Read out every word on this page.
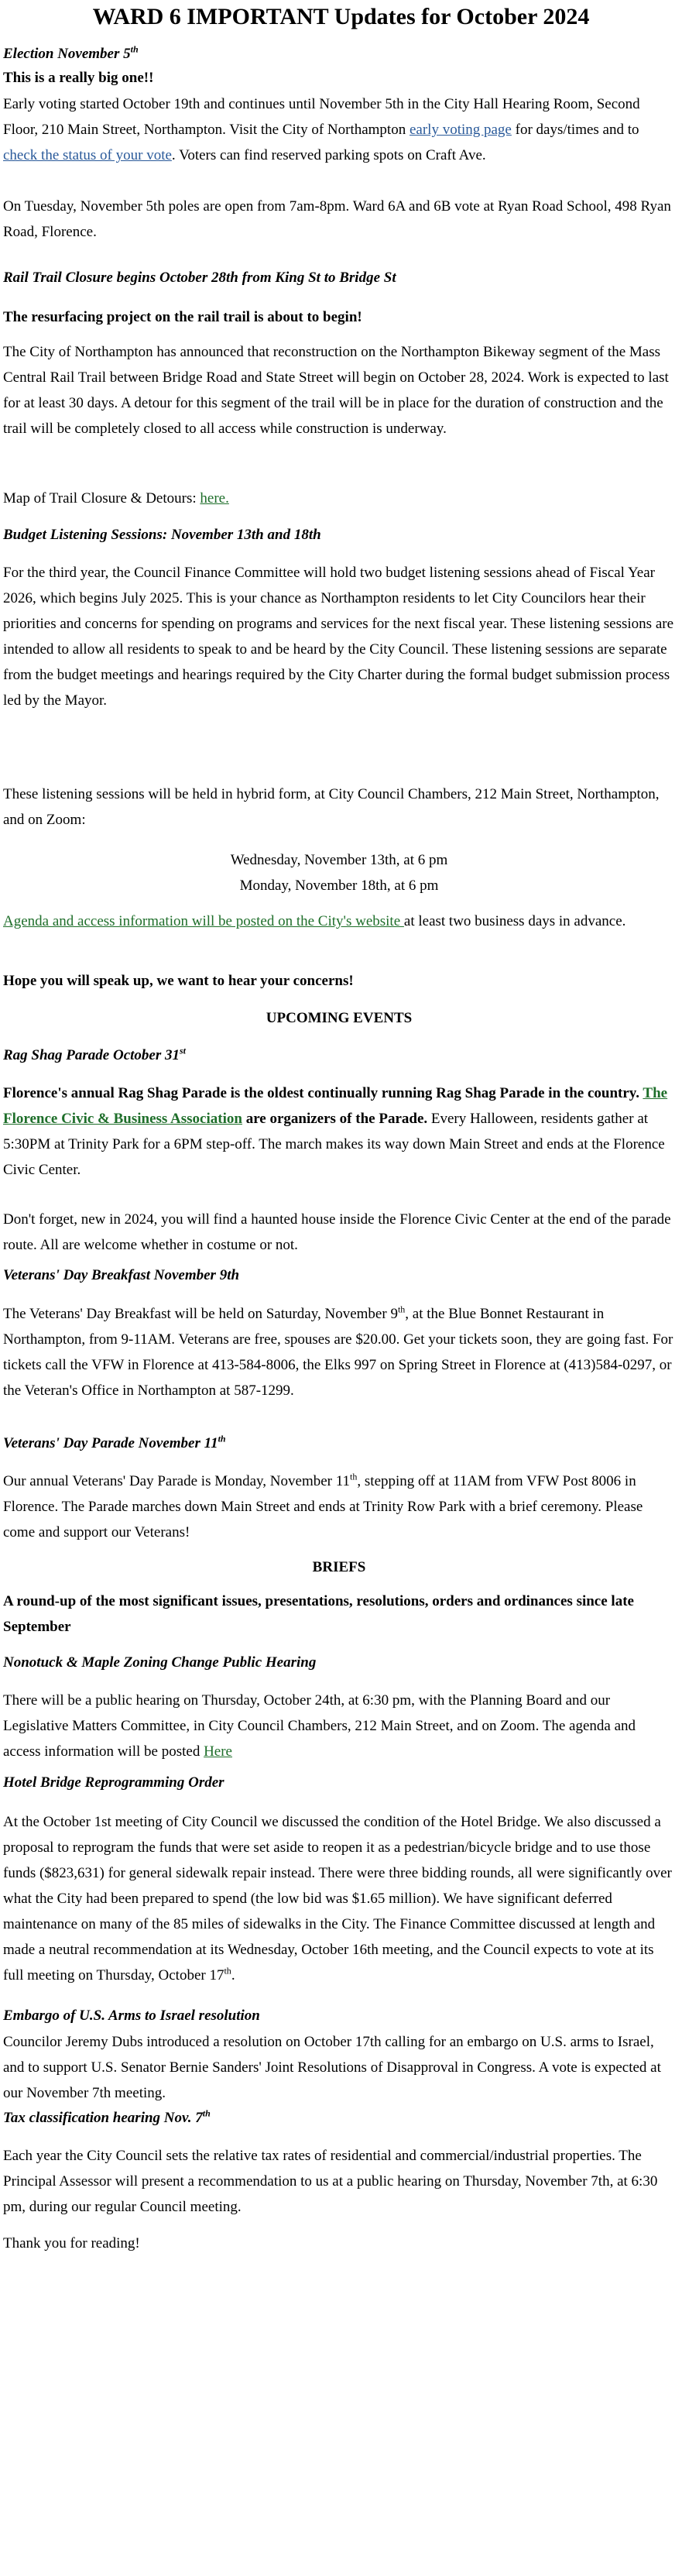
WARD 6 IMPORTANT Updates for October 2024

Election November 5th

This is a really big one!!

Early voting started October 19th and continues until November 5th in the City Hall Hearing Room, Second Floor, 210 Main Street, Northampton. Visit the City of Northampton early voting page for days/times and to check the status of your vote. Voters can find reserved parking spots on Craft Ave.

On Tuesday, November 5th poles are open from 7am-8pm. Ward 6A and 6B vote at Ryan Road School, 498 Ryan Road, Florence.

Rail Trail Closure begins October 28th from King St to Bridge St

The resurfacing project on the rail trail is about to begin!

The City of Northampton has announced that reconstruction on the Northampton Bikeway segment of the Mass Central Rail Trail between Bridge Road and State Street will begin on October 28, 2024. Work is expected to last for at least 30 days. A detour for this segment of the trail will be in place for the duration of construction and the trail will be completely closed to all access while construction is underway.

Map of Trail Closure & Detours: here.

Budget Listening Sessions: November 13th and 18th

For the third year, the Council Finance Committee will hold two budget listening sessions ahead of Fiscal Year 2026, which begins July 2025. This is your chance as Northampton residents to let City Councilors hear their priorities and concerns for spending on programs and services for the next fiscal year. These listening sessions are intended to allow all residents to speak to and be heard by the City Council. These listening sessions are separate from the budget meetings and hearings required by the City Charter during the formal budget submission process led by the Mayor.

These listening sessions will be held in hybrid form, at City Council Chambers, 212 Main Street, Northampton, and on Zoom:

Wednesday, November 13th, at 6 pm

Monday, November 18th, at 6 pm

Agenda and access information will be posted on the City's website at least two business days in advance.

Hope you will speak up, we want to hear your concerns!

UPCOMING EVENTS

Rag Shag Parade October 31st

Florence's annual Rag Shag Parade is the oldest continually running Rag Shag Parade in the country. The Florence Civic & Business Association are organizers of the Parade. Every Halloween, residents gather at 5:30PM at Trinity Park for a 6PM step-off. The march makes its way down Main Street and ends at the Florence Civic Center.

Don't forget, new in 2024, you will find a haunted house inside the Florence Civic Center at the end of the parade route. All are welcome whether in costume or not.

Veterans' Day Breakfast November 9th

The Veterans' Day Breakfast will be held on Saturday, November 9th, at the Blue Bonnet Restaurant in Northampton, from 9-11AM. Veterans are free, spouses are $20.00. Get your tickets soon, they are going fast. For tickets call the VFW in Florence at 413-584-8006, the Elks 997 on Spring Street in Florence at (413)584-0297, or the Veteran's Office in Northampton at 587-1299.

Veterans' Day Parade November 11th

Our annual Veterans' Day Parade is Monday, November 11th, stepping off at 11AM from VFW Post 8006 in Florence. The Parade marches down Main Street and ends at Trinity Row Park with a brief ceremony. Please come and support our Veterans!

BRIEFS

A round-up of the most significant issues, presentations, resolutions, orders and ordinances since late September

Nonotuck & Maple Zoning Change Public Hearing

There will be a public hearing on Thursday, October 24th, at 6:30 pm, with the Planning Board and our Legislative Matters Committee, in City Council Chambers, 212 Main Street, and on Zoom. The agenda and access information will be posted Here

Hotel Bridge Reprogramming Order

At the October 1st meeting of City Council we discussed the condition of the Hotel Bridge. We also discussed a proposal to reprogram the funds that were set aside to reopen it as a pedestrian/bicycle bridge and to use those funds ($823,631) for general sidewalk repair instead. There were three bidding rounds, all were significantly over what the City had been prepared to spend (the low bid was $1.65 million). We have significant deferred maintenance on many of the 85 miles of sidewalks in the City. The Finance Committee discussed at length and made a neutral recommendation at its Wednesday, October 16th meeting, and the Council expects to vote at its full meeting on Thursday, October 17th.

Embargo of U.S. Arms to Israel resolution

Councilor Jeremy Dubs introduced a resolution on October 17th calling for an embargo on U.S. arms to Israel, and to support U.S. Senator Bernie Sanders' Joint Resolutions of Disapproval in Congress. A vote is expected at our November 7th meeting.

Tax classification hearing Nov. 7th

Each year the City Council sets the relative tax rates of residential and commercial/industrial properties. The Principal Assessor will present a recommendation to us at a public hearing on Thursday, November 7th, at 6:30 pm, during our regular Council meeting.

Thank you for reading!
